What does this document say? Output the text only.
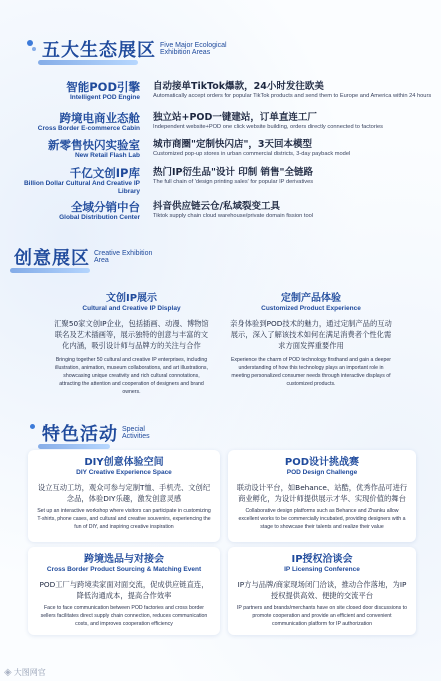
五大生态展区 Five Major Ecological Exhibition Areas
智能POD引擎
Intelligent POD Engine
自动接单TikTok爆款，24小时发往欧美
Automatically accept orders for popular TikTok products and send them to Europe and America within 24 hours
跨境电商业态舱
Cross Border E-commerce Cabin
独立站+POD一键建站，订单直连工厂
Independent website+POD one click website building, orders directly connected to factories
新零售快闪实验室
New Retail Flash Lab
城市商圈"定制快闪店"，3天回本模型
Customized pop-up stores in urban commercial districts, 3-day payback model
千亿文创IP库
Billion Dollar Cultural And Creative IP Library
热门IP衍生品"设计 印制 销售"全链路
The full chain of 'design printing sales' for popular IP derivatives
全域分销中台
Global Distribution Center
抖音供应链云仓/私域裂变工具
Tiktok supply chain cloud warehouse/private domain fission tool
创意展区 Creative Exhibition Area
文创IP展示
Cultural and Creative IP Display
汇聚50家文创IP企业，包括插画、动漫、博物馆联名及艺术插画等，展示独特的创意与丰富的文化内涵，吸引设计师与品牌方的关注与合作
Bringing together 50 cultural and creative IP enterprises, including illustration, animation, museum collaborations, and art illustrations, showcasing unique creativity and rich cultural connotations, attracting the attention and cooperation of designers and brand owners.
定制产品体验
Customized Product Experience
亲身体验到POD技术的魅力，通过定制产品的互动展示，深入了解该技术如何在满足消费者个性化需求方面发挥重要作用
Experience the charm of POD technology firsthand and gain a deeper understanding of how this technology plays an important role in meeting personalized consumer needs through interactive displays of customized products.
特色活动 Special Activities
DIY创意体验空间
DIY Creative Experience Space
设立互动工坊，观众可参与定制T恤、手机壳、文创纪念品，体验DIY乐趣，激发创意灵感
Set up an interactive workshop where visitors can participate in customizing T-shirts, phone cases, and cultural and creative souvenirs, experiencing the fun of DIY, and inspiring creative inspiration
POD设计挑战赛
POD Design Challenge
联动设计平台，如Behance、站酷，优秀作品可进行商业孵化，为设计师提供展示才华、实现价值的舞台
Collaborative design platforms such as Behance and Zhanku allow excellent works to be commercially incubated, providing designers with a stage to showcase their talents and realize their value
跨境选品与对接会
Cross Border Product Sourcing & Matching Event
POD工厂与跨境卖家面对面交流，促成供应链直连，降低沟通成本，提高合作效率
Face to face communication between POD factories and cross border sellers facilitates direct supply chain connection, reduces communication costs, and improves cooperation efficiency
IP授权洽谈会
IP Licensing Conference
IP方与品牌/商家现场闭门洽谈，推动合作落地，为IP授权提供高效、便捷的交流平台
IP partners and brands/merchants have on site closed door discussions to promote cooperation and provide an efficient and convenient communication platform for IP authorization
◈ 大图网官
